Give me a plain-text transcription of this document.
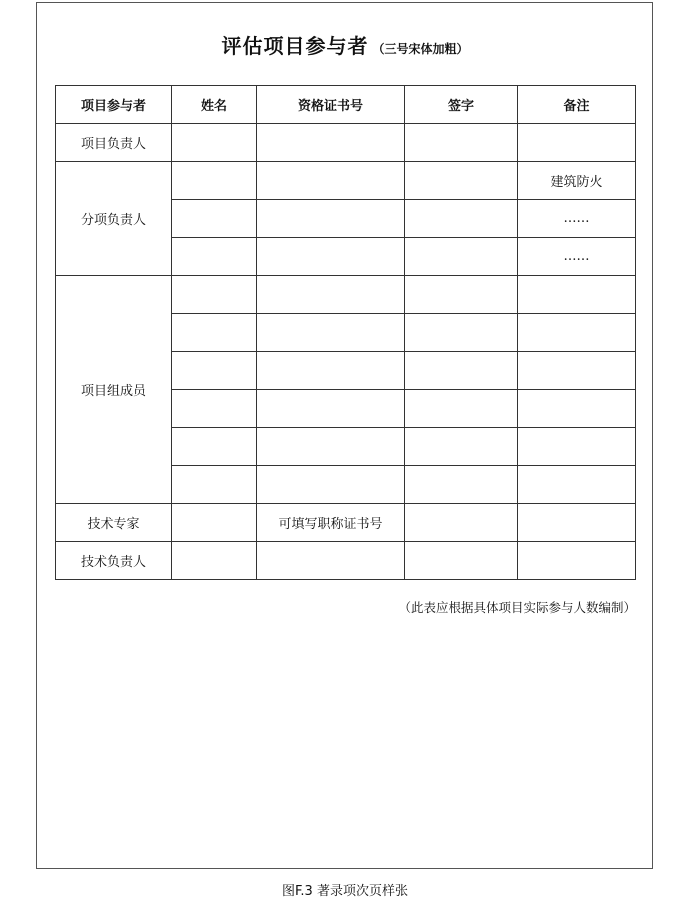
评估项目参与者 （三号宋体加粗）
项目参与者	姓名	资格证书号	签字	备注
项目负责人				
分项负责人				建筑防火
				……
				……
项目组成员				

技术专家		可填写职称证书号		
技术负责人				
（此表应根据具体项目实际参与人数编制）
图F.3 著录项次页样张
